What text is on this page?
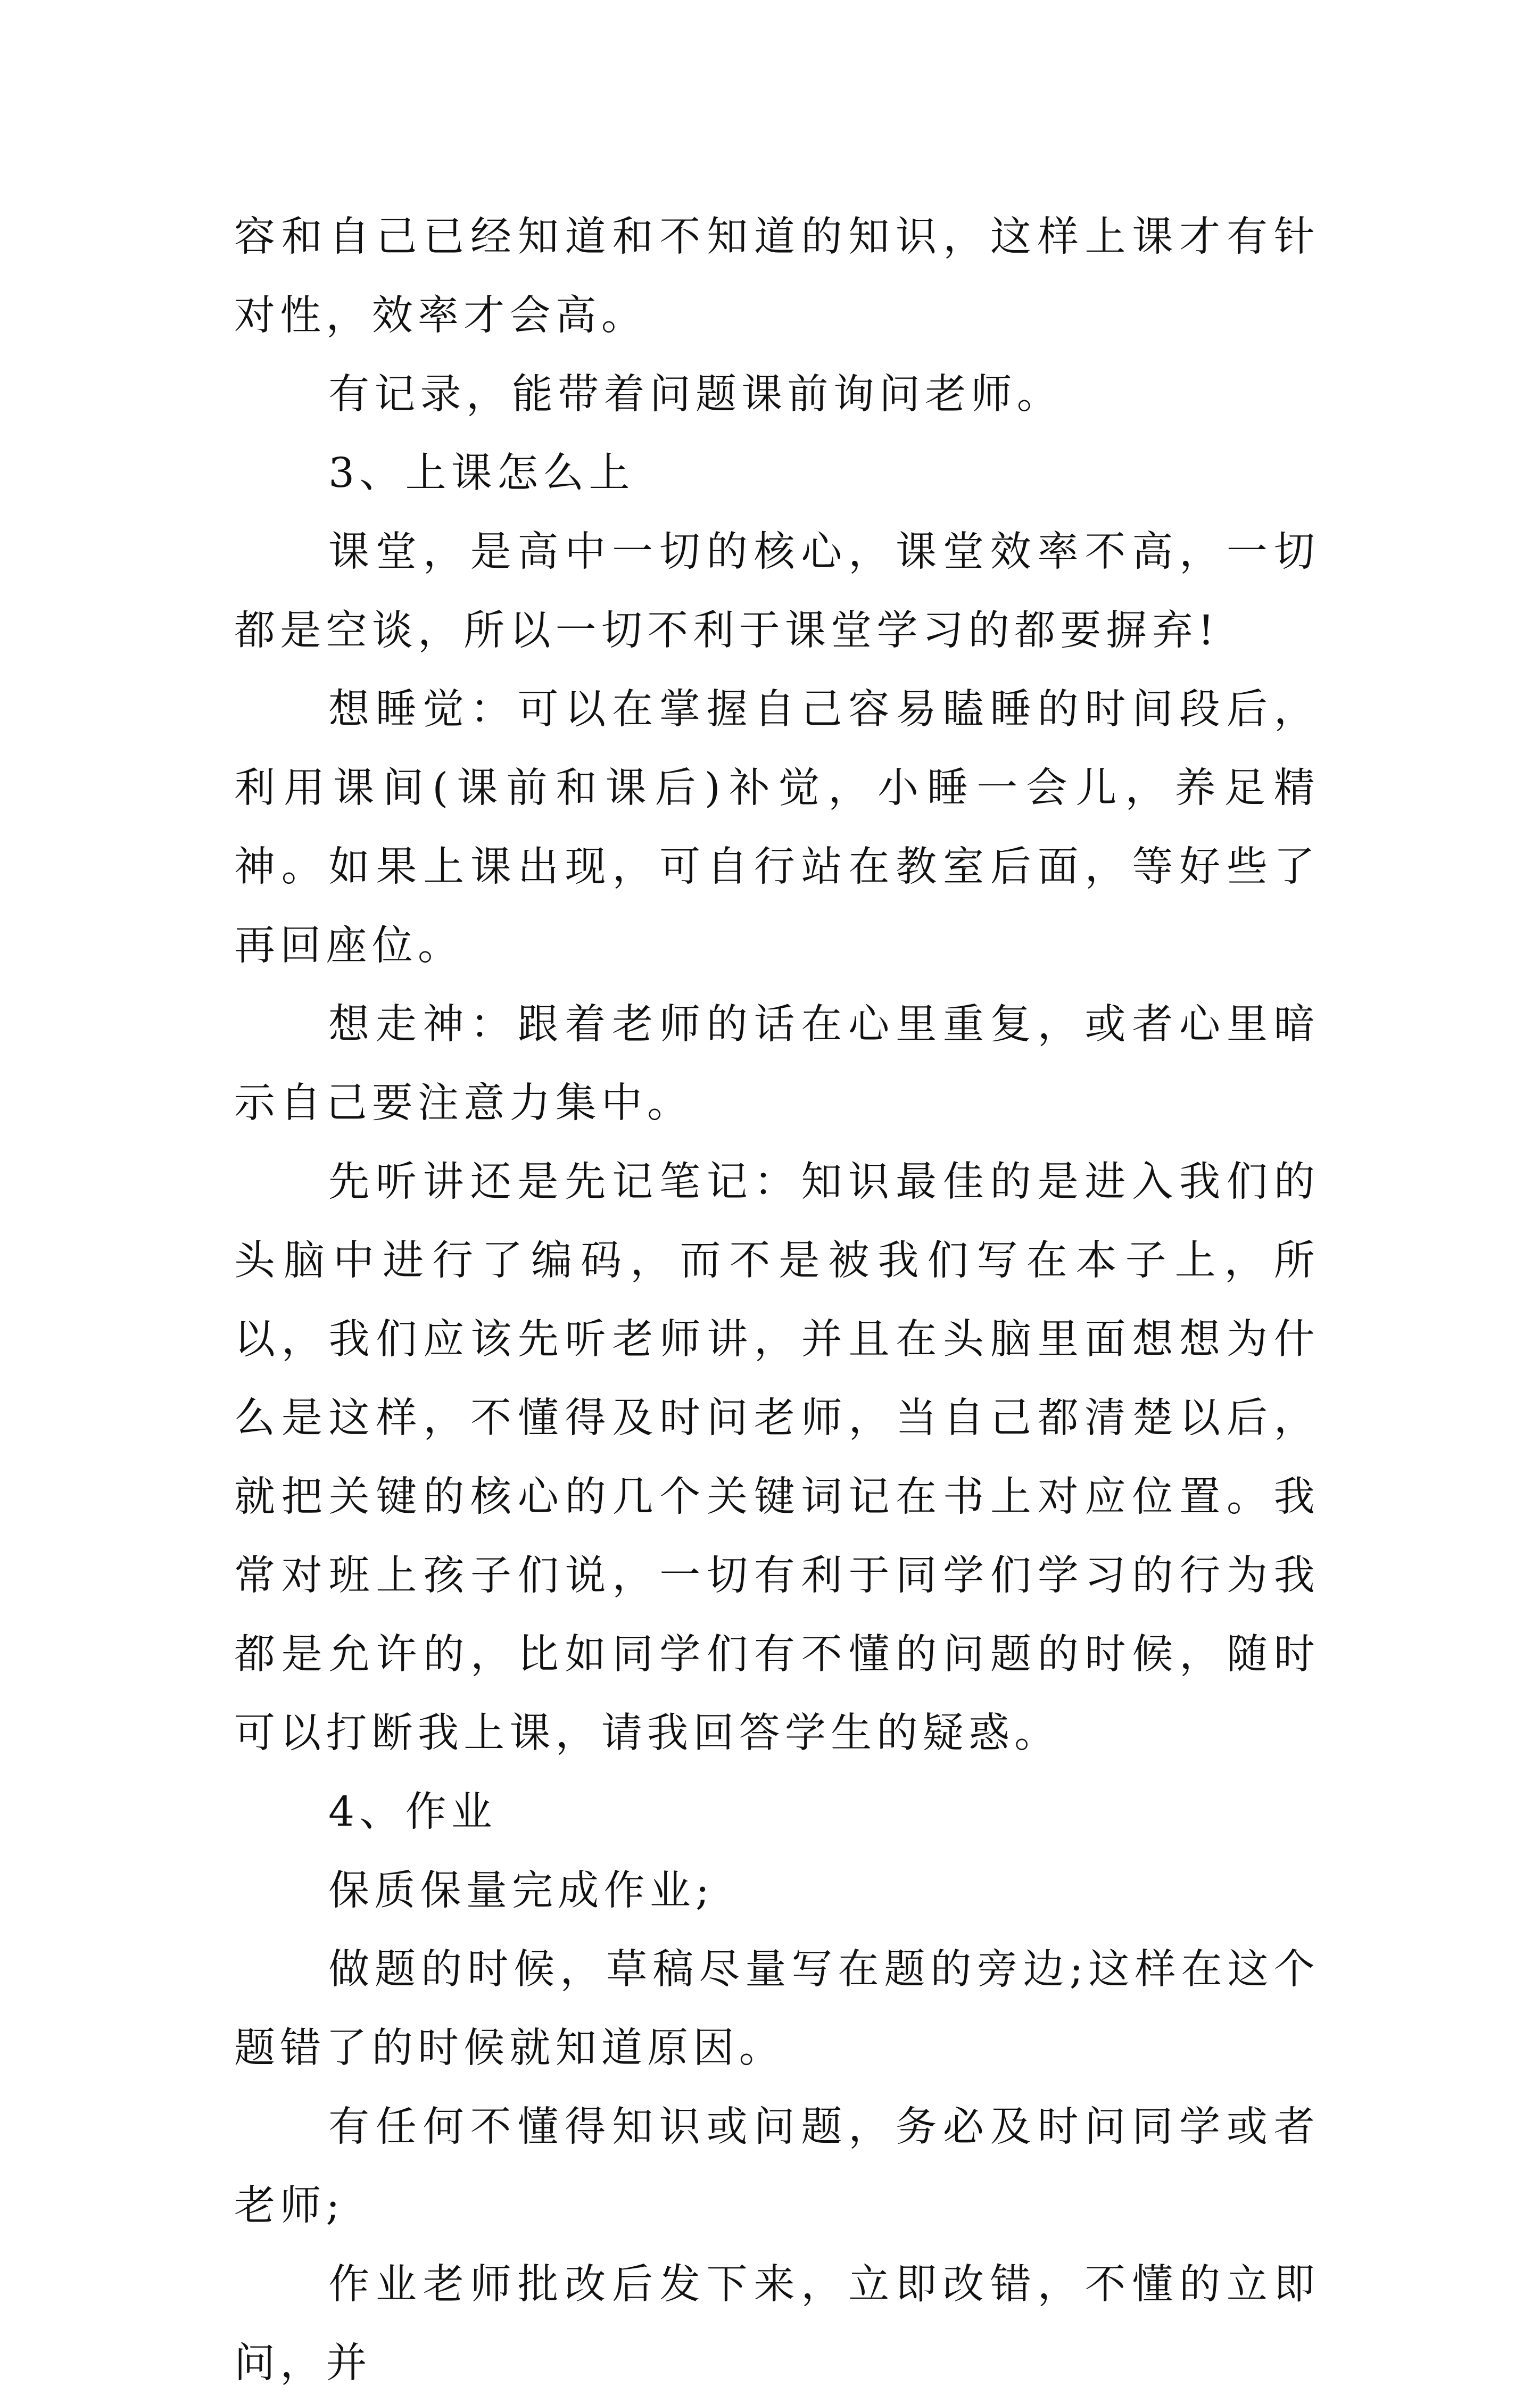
容和自己已经知道和不知道的知识，这样上课才有针对性，效率才会高。

有记录，能带着问题课前询问老师。

3、上课怎么上

课堂，是高中一切的核心，课堂效率不高，一切都是空谈，所以一切不利于课堂学习的都要摒弃!

想睡觉：可以在掌握自己容易瞌睡的时间段后，利用课间(课前和课后)补觉，小睡一会儿，养足精神。如果上课出现，可自行站在教室后面，等好些了再回座位。

想走神：跟着老师的话在心里重复，或者心里暗示自己要注意力集中。

先听讲还是先记笔记：知识最佳的是进入我们的头脑中进行了编码，而不是被我们写在本子上，所以，我们应该先听老师讲，并且在头脑里面想想为什么是这样，不懂得及时问老师，当自己都清楚以后，就把关键的核心的几个关键词记在书上对应位置。我常对班上孩子们说，一切有利于同学们学习的行为我都是允许的，比如同学们有不懂的问题的时候，随时可以打断我上课，请我回答学生的疑惑。

4、作业

保质保量完成作业;

做题的时候，草稿尽量写在题的旁边;这样在这个题错了的时候就知道原因。

有任何不懂得知识或问题，务必及时问同学或者老师;

作业老师批改后发下来，立即改错，不懂的立即问，并
